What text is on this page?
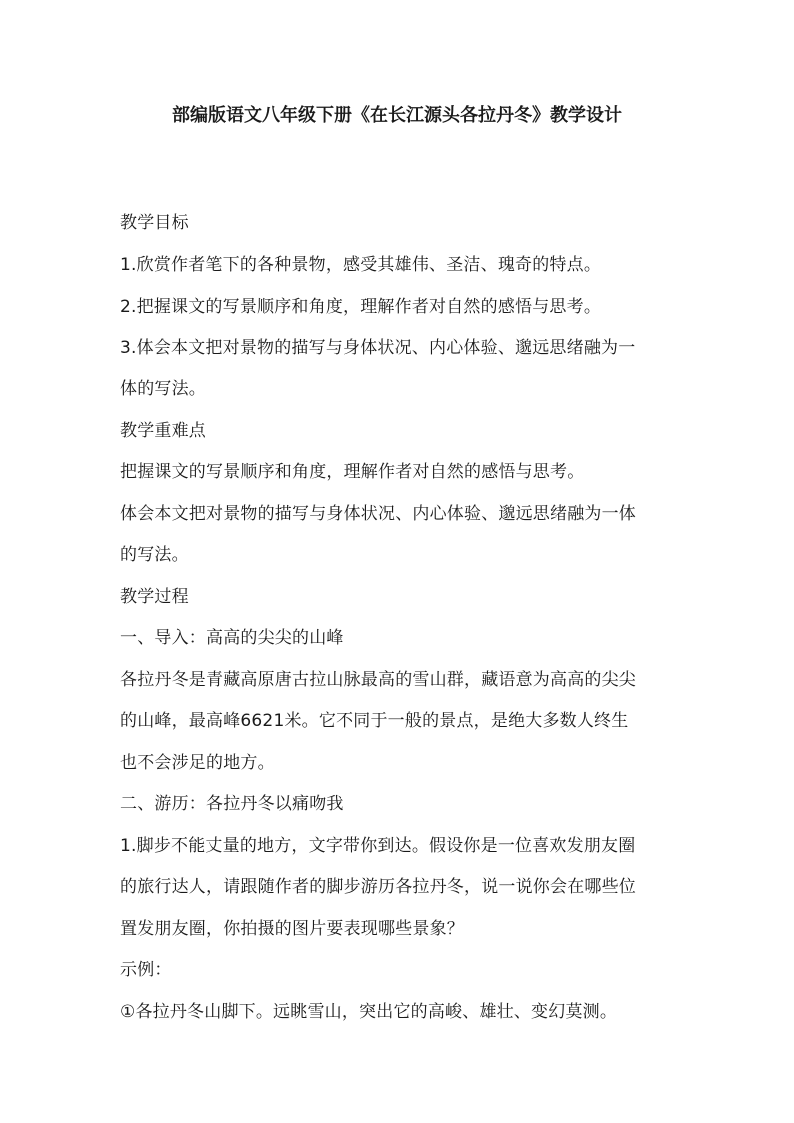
部编版语文八年级下册《在长江源头各拉丹冬》教学设计
教学目标
1.欣赏作者笔下的各种景物，感受其雄伟、圣洁、瑰奇的特点。
2.把握课文的写景顺序和角度，理解作者对自然的感悟与思考。
3.体会本文把对景物的描写与身体状况、内心体验、邈远思绪融为一
体的写法。
教学重难点
把握课文的写景顺序和角度，理解作者对自然的感悟与思考。
体会本文把对景物的描写与身体状况、内心体验、邈远思绪融为一体
的写法。
教学过程
一、导入：高高的尖尖的山峰
各拉丹冬是青藏高原唐古拉山脉最高的雪山群，藏语意为高高的尖尖
的山峰，最高峰6621米。它不同于一般的景点，是绝大多数人终生
也不会涉足的地方。
二、游历：各拉丹冬以痛吻我
1.脚步不能丈量的地方，文字带你到达。假设你是一位喜欢发朋友圈
的旅行达人，请跟随作者的脚步游历各拉丹冬，说一说你会在哪些位
置发朋友圈，你拍摄的图片要表现哪些景象？
示例：
①各拉丹冬山脚下。远眺雪山，突出它的高峻、雄壮、变幻莫测。
